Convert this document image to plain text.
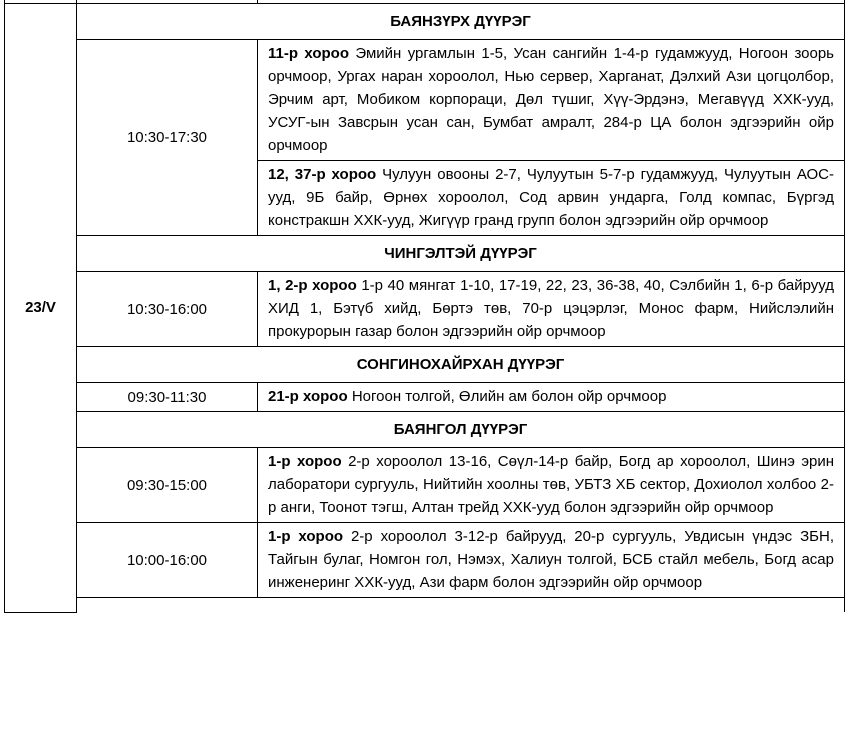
23/V	БАЯНЗҮРХ ДҮҮРЭГ	
	10:30-17:30	11-р хороо Эмийн ургамлын 1-5, Усан сангийн 1-4-р гудамжууд, Ногоон зоорь орчмоор, Ургах наран хороолол, Нью сервер, Харганат, Дэлхий Ази цогцолбор, Эрчим арт, Мобиком корпораци, Дөл түшиг, Хүү-Эрдэнэ, Мегавүүд ХХК-ууд, УСУГ-ын Завсрын усан сан, Бумбат амралт, 284-р ЦА болон эдгээрийн ойр орчмоор
		12, 37-р хороо Чулуун овооны 2-7, Чулуутын 5-7-р гудамжууд, Чулуутын АОС-ууд, 9Б байр, Өрнөх хороолол, Сод арвин ундарга, Голд компас, Бүргэд констракшн ХХК-ууд, Жигүүр гранд групп болон эдгээрийн ойр орчмоор
	ЧИНГЭЛТЭЙ ДҮҮРЭГ	
	10:30-16:00	1, 2-р хороо 1-р 40 мянгат 1-10, 17-19, 22, 23, 36-38, 40, Сэлбийн 1, 6-р байрууд ХИД 1, Бэтүб хийд, Бөртэ төв, 70-р цэцэрлэг, Монос фарм, Нийслэлийн прокурорын газар болон эдгээрийн ойр орчмоор
	СОНГИНОХАЙРХАН ДҮҮРЭГ	
	09:30-11:30	21-р хороо Ногоон толгой, Өлийн ам болон ойр орчмоор
	БАЯНГОЛ ДҮҮРЭГ	
	09:30-15:00	1-р хороо 2-р хороолол 13-16, Сөүл-14-р байр, Богд ар хороолол, Шинэ эрин лаборатори сургууль, Нийтийн хоолны төв, УБТЗ ХБ сектор, Дохиолол холбоо 2-р анги, Тоонот тэгш, Алтан трейд ХХК-ууд болон эдгээрийн ойр орчмоор
	10:00-16:00	1-р хороо 2-р хороолол 3-12-р байрууд, 20-р сургууль, Увдисын үндэс ЗБН, Тайгын булаг, Номгон гол, Нэмэх, Халиун толгой, БСБ стайл мебель, Богд асар инженеринг ХХК-ууд, Ази фарм болон эдгээрийн ойр орчмоор
